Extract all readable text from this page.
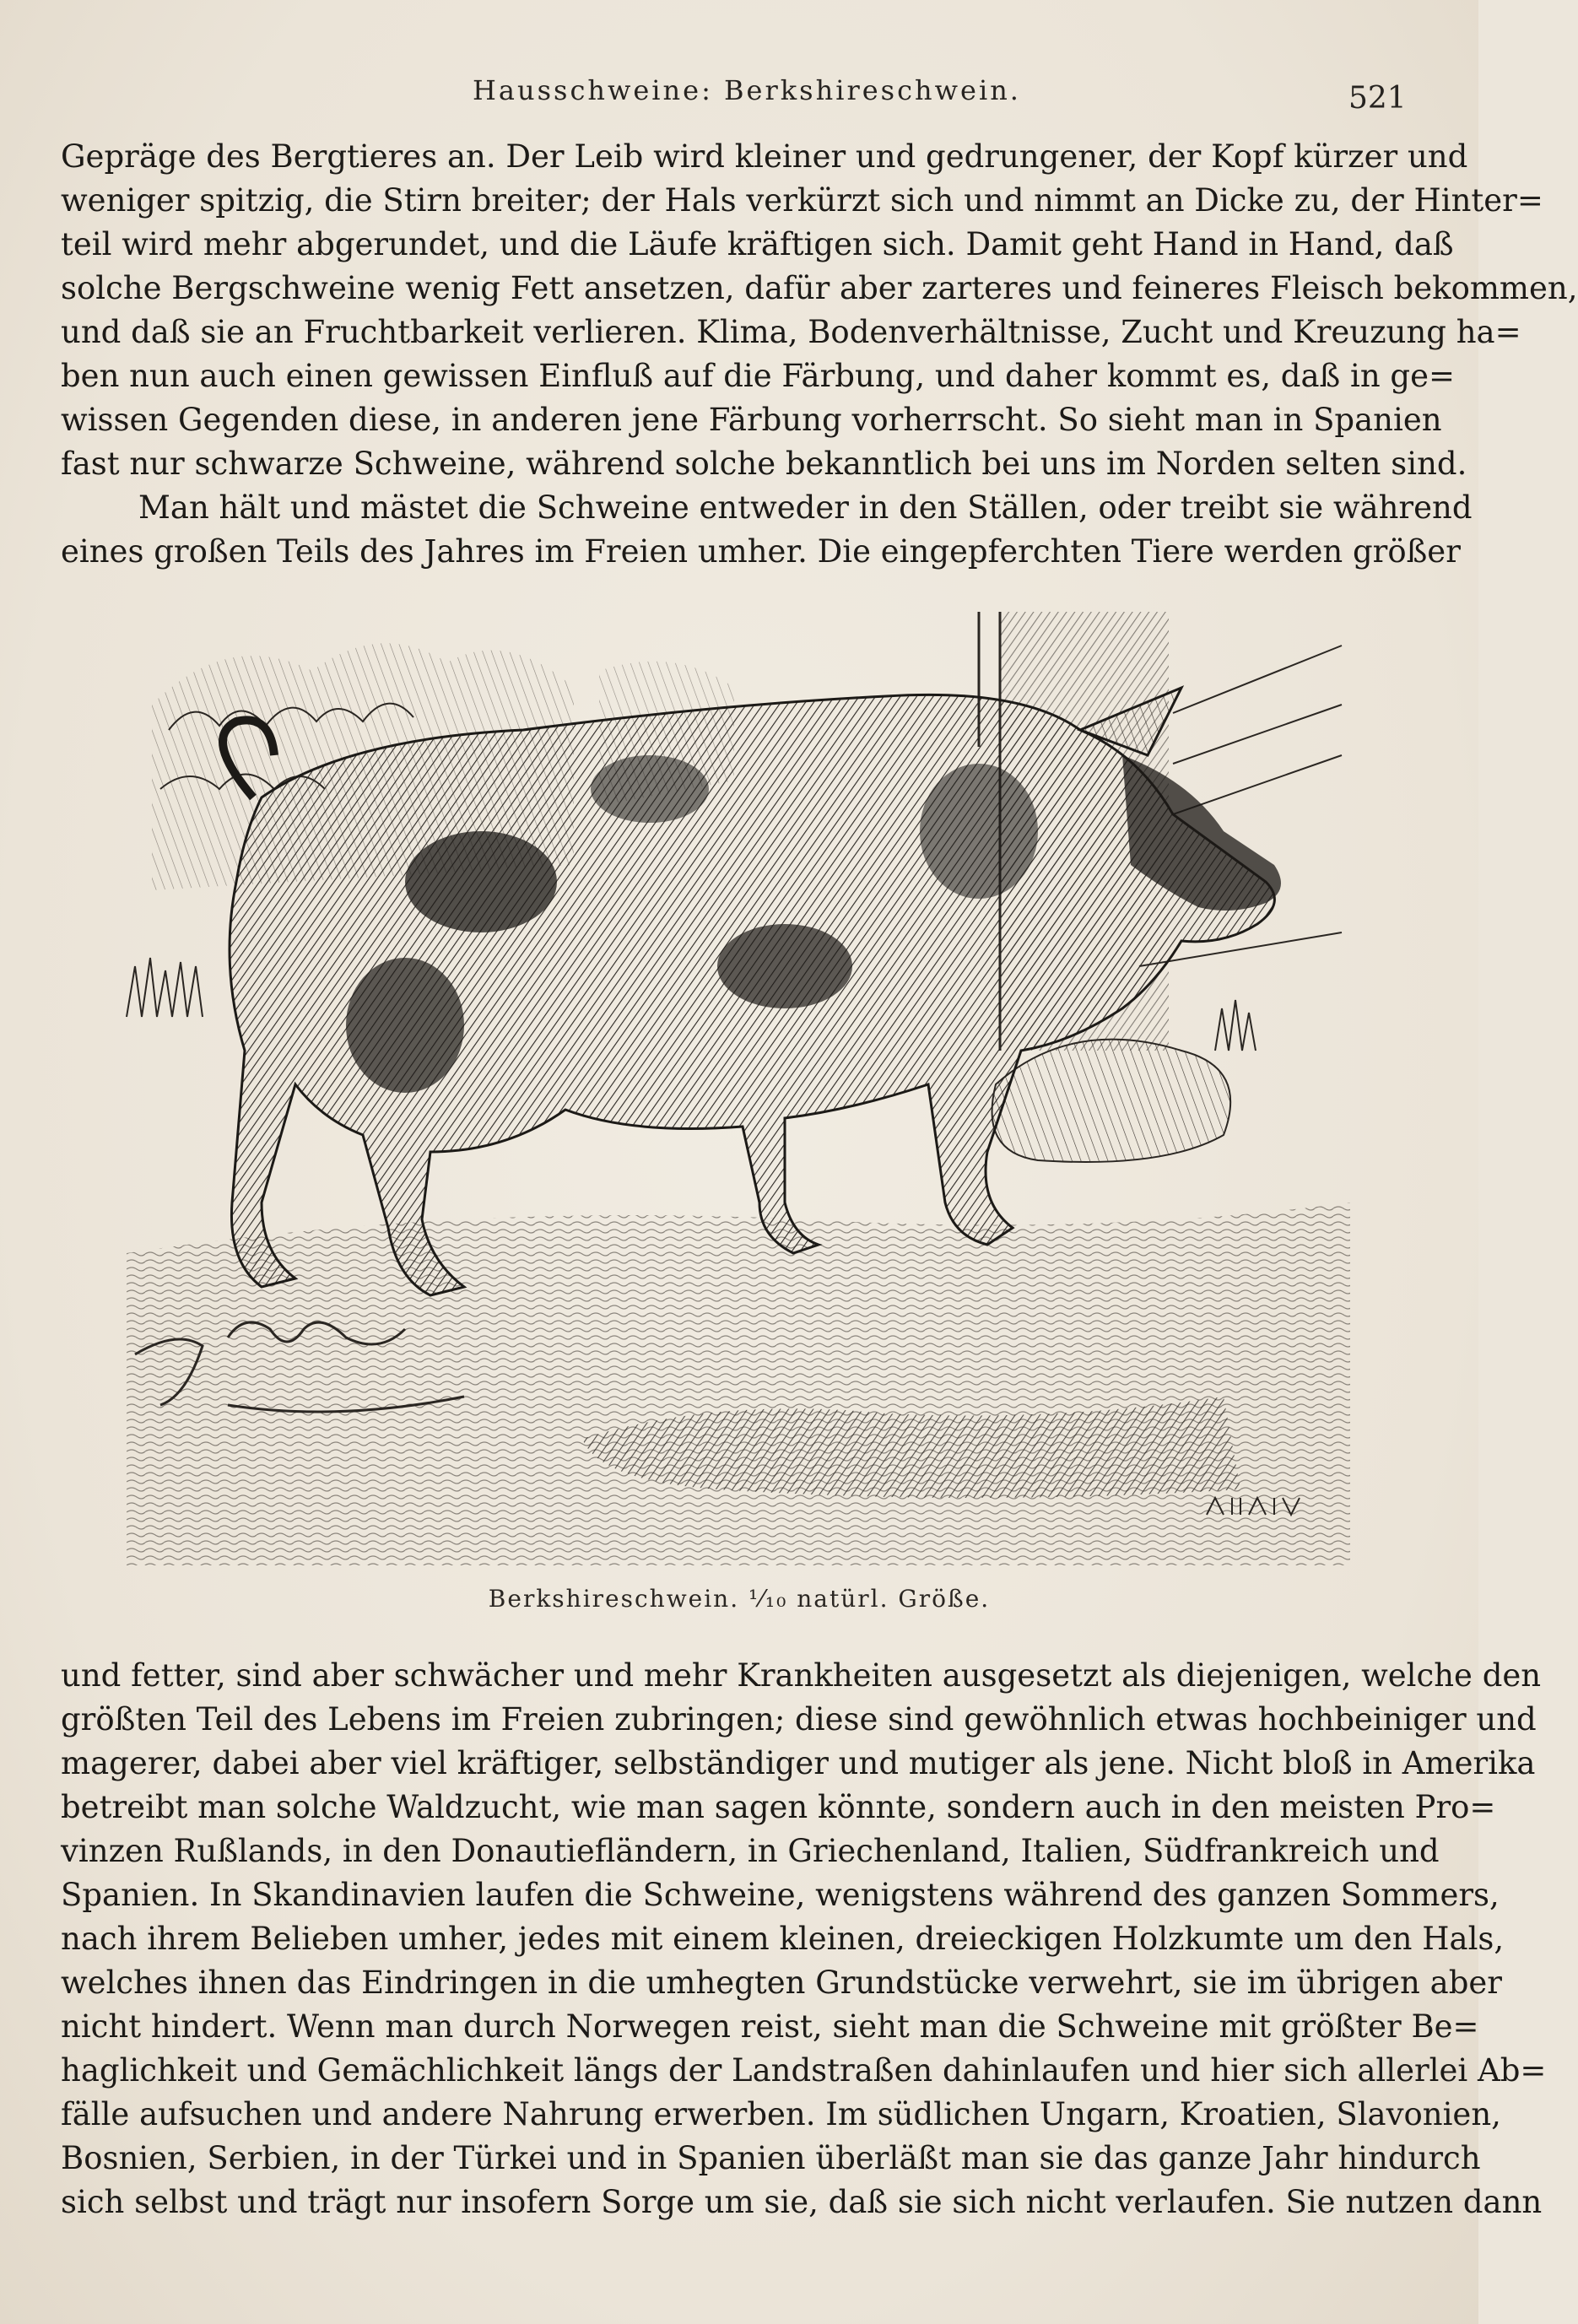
Hausschweine: Berkshireschwein.	521
Gepräge des Bergtieres an. Der Leib wird kleiner und gedrungener, der Kopf kürzer und
weniger spitzig, die Stirn breiter; der Hals verkürzt sich und nimmt an Dicke zu, der Hinter=
teil wird mehr abgerundet, und die Läufe kräftigen sich. Damit geht Hand in Hand, daß
solche Bergschweine wenig Fett ansetzen, dafür aber zarteres und feineres Fleisch bekommen,
und daß sie an Fruchtbarkeit verlieren. Klima, Bodenverhältnisse, Zucht und Kreuzung ha=
ben nun auch einen gewissen Einfluß auf die Färbung, und daher kommt es, daß in ge=
wissen Gegenden diese, in anderen jene Färbung vorherrscht. So sieht man in Spanien
fast nur schwarze Schweine, während solche bekanntlich bei uns im Norden selten sind.
Man hält und mästet die Schweine entweder in den Ställen, oder treibt sie während
eines großen Teils des Jahres im Freien umher. Die eingepferchten Tiere werden größer
Berkshireschwein. ¹⁄₁₀ natürl. Größe.
und fetter, sind aber schwächer und mehr Krankheiten ausgesetzt als diejenigen, welche den
größten Teil des Lebens im Freien zubringen; diese sind gewöhnlich etwas hochbeiniger und
magerer, dabei aber viel kräftiger, selbständiger und mutiger als jene. Nicht bloß in Amerika
betreibt man solche Waldzucht, wie man sagen könnte, sondern auch in den meisten Pro=
vinzen Rußlands, in den Donautiefländern, in Griechenland, Italien, Südfrankreich und
Spanien. In Skandinavien laufen die Schweine, wenigstens während des ganzen Sommers,
nach ihrem Belieben umher, jedes mit einem kleinen, dreieckigen Holzkumte um den Hals,
welches ihnen das Eindringen in die umhegten Grundstücke verwehrt, sie im übrigen aber
nicht hindert. Wenn man durch Norwegen reist, sieht man die Schweine mit größter Be=
haglichkeit und Gemächlichkeit längs der Landstraßen dahinlaufen und hier sich allerlei Ab=
fälle aufsuchen und andere Nahrung erwerben. Im südlichen Ungarn, Kroatien, Slavonien,
Bosnien, Serbien, in der Türkei und in Spanien überläßt man sie das ganze Jahr hindurch
sich selbst und trägt nur insofern Sorge um sie, daß sie sich nicht verlaufen. Sie nutzen dann
